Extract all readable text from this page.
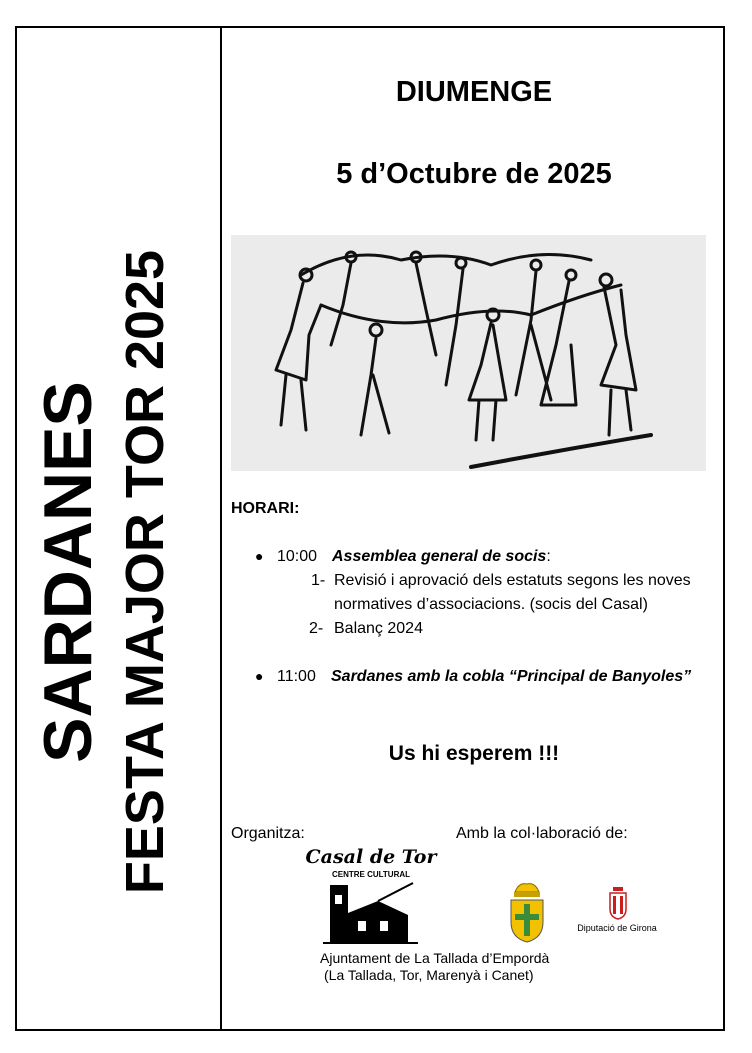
SARDANES FESTA MAJOR TOR 2025
DIUMENGE
5 d’Octubre de 2025
HORARI:
● 10:00 Assemblea general de socis:
1- Revisió i aprovació dels estatuts segons les noves
normatives d’associacions. (socis del Casal)
2- Balanç 2024
● 11:00 Sardanes amb la cobla “Principal de Banyoles”
Us hi esperem !!!
Organitza:	Amb la col·laboració de:
Casal de Tor
CENTRE CULTURAL
Diputació de Girona
Ajuntament de La Tallada d’Empordà
(La Tallada, Tor, Marenyà i Canet)
